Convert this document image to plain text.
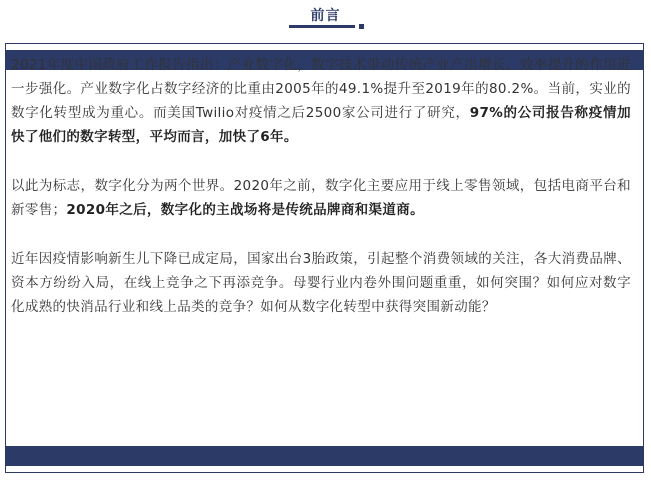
前言

2021年度中国政府工作报告指出：产业数字化，数字技术带动传统产业产出增长、效率提升的作用进一步强化。产业数字化占数字经济的比重由2005年的49.1%提升至2019年的80.2%。当前，实业的数字化转型成为重心。而美国Twilio对疫情之后2500家公司进行了研究，97%的公司报告称疫情加快了他们的数字转型，平均而言，加快了6年。

以此为标志，数字化分为两个世界。2020年之前，数字化主要应用于线上零售领域，包括电商平台和新零售；2020年之后，数字化的主战场将是传统品牌商和渠道商。

近年因疫情影响新生儿下降已成定局，国家出台3胎政策，引起整个消费领域的关注，各大消费品牌、资本方纷纷入局，在线上竞争之下再添竞争。母婴行业内卷外围问题重重，如何突围？如何应对数字化成熟的快消品行业和线上品类的竞争？如何从数字化转型中获得突围新动能？
